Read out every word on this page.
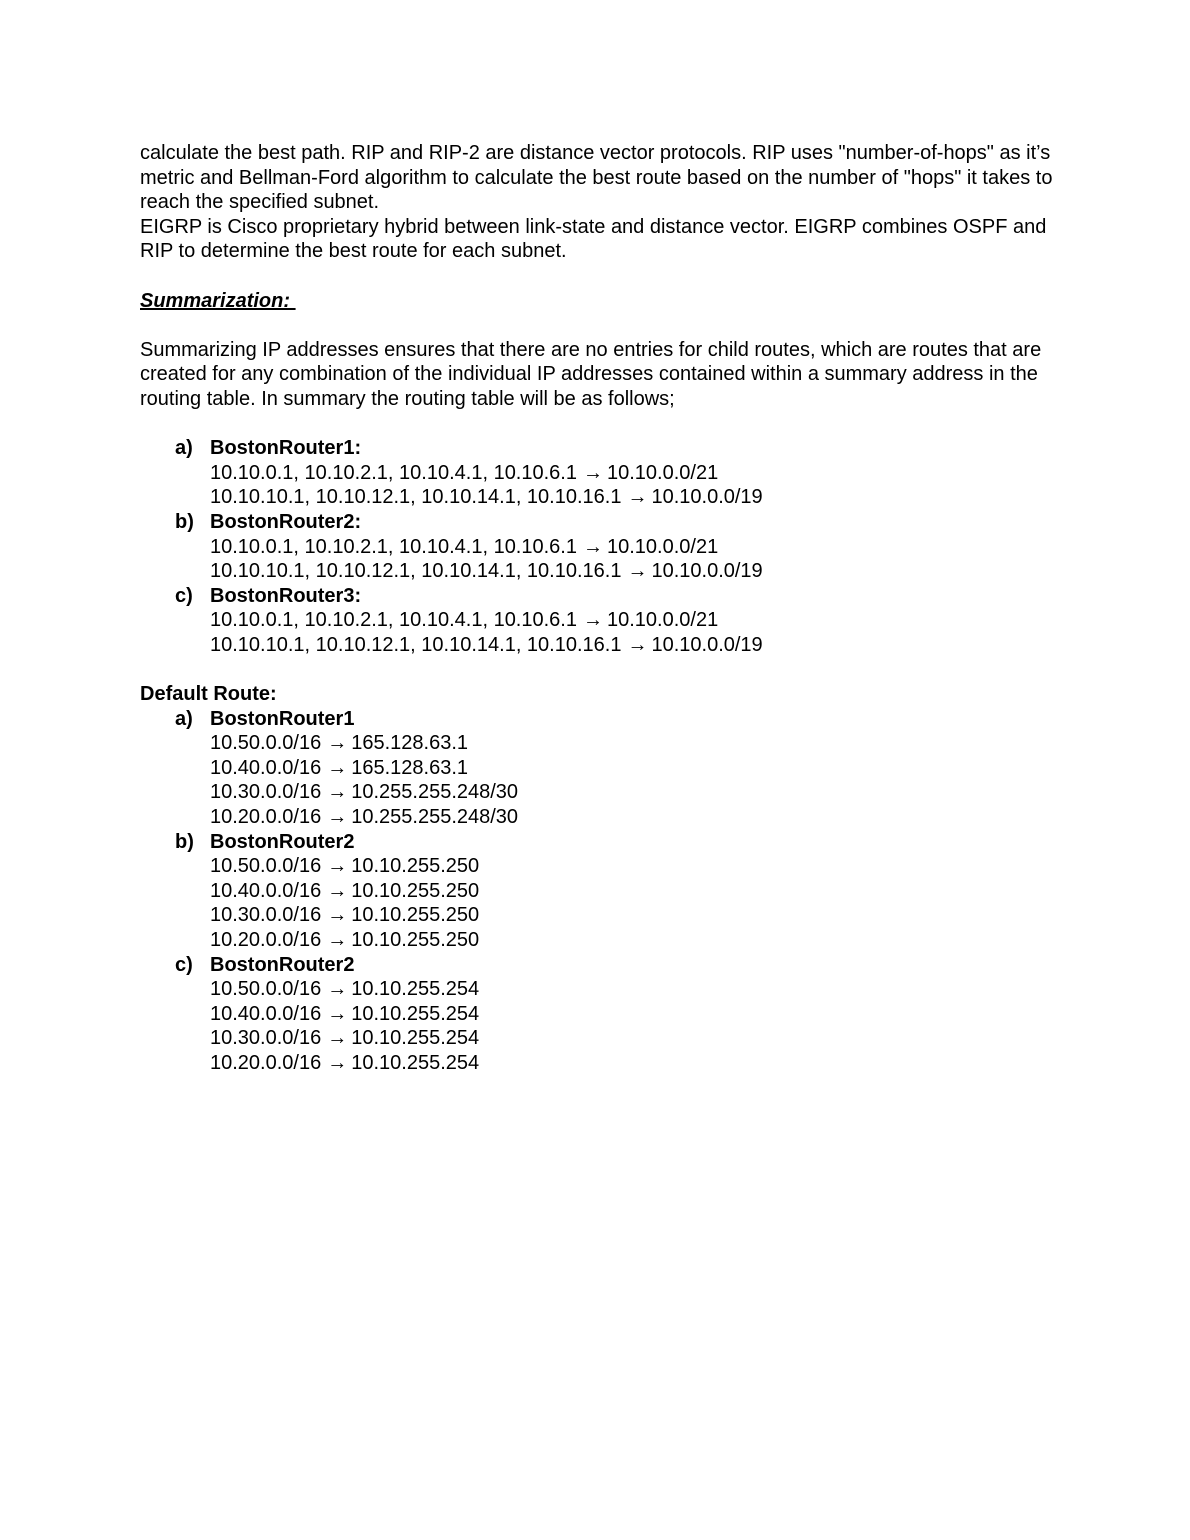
calculate the best path. RIP and RIP-2 are distance vector protocols. RIP uses "number-of-hops" as it’s metric and Bellman-Ford algorithm to calculate the best route based on the number of "hops" it takes to reach the specified subnet.

EIGRP is Cisco proprietary hybrid between link-state and distance vector. EIGRP combines OSPF and RIP to determine the best route for each subnet.

Summarization:

Summarizing IP addresses ensures that there are no entries for child routes, which are routes that are created for any combination of the individual IP addresses contained within a summary address in the routing table. In summary the routing table will be as follows;

a) BostonRouter1:
10.10.0.1, 10.10.2.1, 10.10.4.1, 10.10.6.1 → 10.10.0.0/21
10.10.10.1, 10.10.12.1, 10.10.14.1, 10.10.16.1 → 10.10.0.0/19
b) BostonRouter2:
10.10.0.1, 10.10.2.1, 10.10.4.1, 10.10.6.1 → 10.10.0.0/21
10.10.10.1, 10.10.12.1, 10.10.14.1, 10.10.16.1 → 10.10.0.0/19
c) BostonRouter3:
10.10.0.1, 10.10.2.1, 10.10.4.1, 10.10.6.1 → 10.10.0.0/21
10.10.10.1, 10.10.12.1, 10.10.14.1, 10.10.16.1 → 10.10.0.0/19

Default Route:

a) BostonRouter1
10.50.0.0/16 → 165.128.63.1
10.40.0.0/16 → 165.128.63.1
10.30.0.0/16 → 10.255.255.248/30
10.20.0.0/16 → 10.255.255.248/30
b) BostonRouter2
10.50.0.0/16 → 10.10.255.250
10.40.0.0/16 → 10.10.255.250
10.30.0.0/16 → 10.10.255.250
10.20.0.0/16 → 10.10.255.250
c) BostonRouter2
10.50.0.0/16 → 10.10.255.254
10.40.0.0/16 → 10.10.255.254
10.30.0.0/16 → 10.10.255.254
10.20.0.0/16 → 10.10.255.254
